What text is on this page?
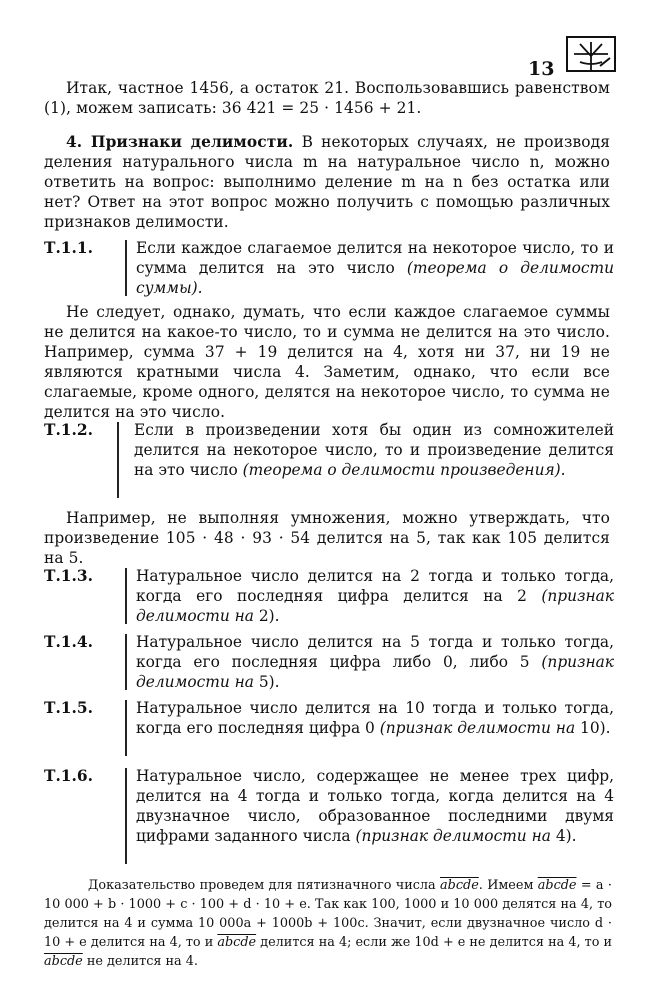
13
Итак, частное 1456, а остаток 21. Воспользовавшись равенством (1), можем записать: 36 421 = 25 · 1456 + 21.
4. Признаки делимости. В некоторых случаях, не производя деления натурального числа m на натуральное число n, можно ответить на вопрос: выполнимо деление m на n без остатка или нет? Ответ на этот вопрос можно получить с помощью различных признаков делимости.
Т.1.1.	Если каждое слагаемое делится на некоторое число, то и сумма делится на это число (теорема о делимости суммы).
Не следует, однако, думать, что если каждое слагаемое суммы не делится на какое-то число, то и сумма не делится на это число. Например, сумма 37 + 19 делится на 4, хотя ни 37, ни 19 не являются кратными числа 4. Заметим, однако, что если все слагаемые, кроме одного, делятся на некоторое число, то сумма не делится на это число.
Т.1.2.	Если в произведении хотя бы один из сомножителей делится на некоторое число, то и произведение делится на это число (теорема о делимости произведения).
Например, не выполняя умножения, можно утверждать, что произведение 105 · 48 · 93 · 54 делится на 5, так как 105 делится на 5.
Т.1.3.	Натуральное число делится на 2 тогда и только тогда, когда его последняя цифра делится на 2 (признак делимости на 2).
Т.1.4.	Натуральное число делится на 5 тогда и только тогда, когда его последняя цифра либо 0, либо 5 (признак делимости на 5).
Т.1.5.	Натуральное число делится на 10 тогда и только тогда, когда его последняя цифра 0 (признак делимости на 10).
Т.1.6.	Натуральное число, содержащее не менее трех цифр, делится на 4 тогда и только тогда, когда делится на 4 двузначное число, образованное последними двумя цифрами заданного числа (признак делимости на 4).
Доказательство проведем для пятизначного числа abcde. Имеем abcde = a · 10 000 + b · 1000 + c · 100 + d · 10 + e. Так как 100, 1000 и 10 000 делятся на 4, то делится на 4 и сумма 10 000a + 1000b + 100c. Значит, если двузначное число d · 10 + e делится на 4, то и abcde делится на 4; если же 10d + e не делится на 4, то и abcde не делится на 4.
